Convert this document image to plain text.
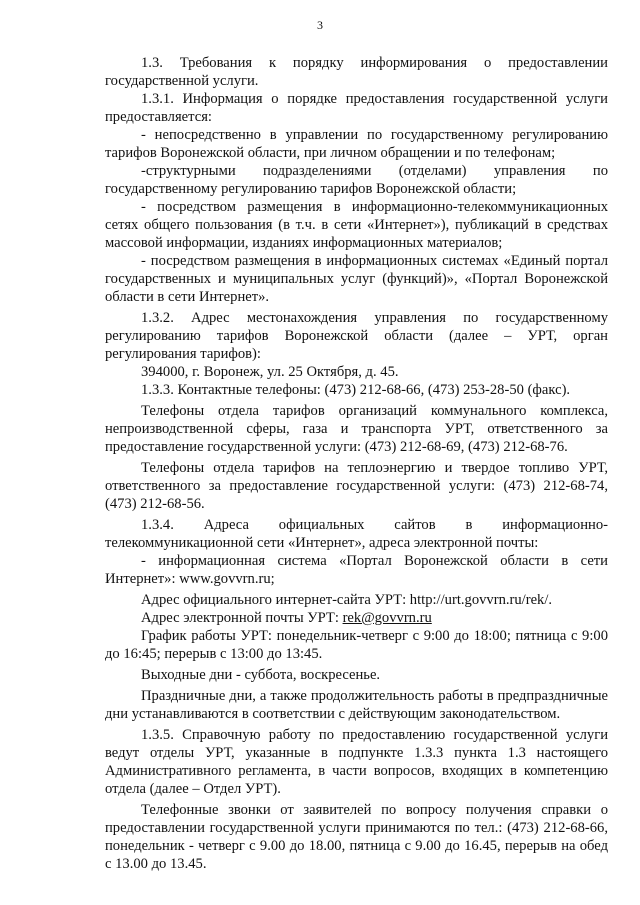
3

1.3. Требования к порядку информирования о предоставлении государственной услуги.

1.3.1. Информация о порядке предоставления государственной услуги предоставляется:

- непосредственно в управлении по государственному регулированию тарифов Воронежской области, при личном обращении и по телефонам;

-структурными подразделениями (отделами) управления по государственному регулированию тарифов Воронежской области;

- посредством размещения в информационно-телекоммуникационных сетях общего пользования (в т.ч. в сети «Интернет»), публикаций в средствах массовой информации, изданиях информационных материалов;

- посредством размещения в информационных системах «Единый портал государственных и муниципальных услуг (функций)», «Портал Воронежской области в сети Интернет».

1.3.2. Адрес местонахождения управления по государственному регулированию тарифов Воронежской области (далее – УРТ, орган регулирования тарифов):

394000, г. Воронеж, ул. 25 Октября, д. 45.

1.3.3. Контактные телефоны: (473) 212-68-66, (473) 253-28-50 (факс).

Телефоны отдела тарифов организаций коммунального комплекса, непроизводственной сферы, газа и транспорта УРТ, ответственного за предоставление государственной услуги: (473) 212-68-69, (473) 212-68-76.

Телефоны отдела тарифов на теплоэнергию и твердое топливо УРТ, ответственного за предоставление государственной услуги: (473) 212-68-74, (473) 212-68-56.

1.3.4. Адреса официальных сайтов в информационно-телекоммуникационной сети «Интернет», адреса электронной почты:

- информационная система «Портал Воронежской области в сети Интернет»: www.govvrn.ru;

Адрес официального интернет-сайта УРТ: http://urt.govvrn.ru/rek/.

Адрес электронной почты УРТ: rek@govvrn.ru

График работы УРТ: понедельник-четверг с 9:00 до 18:00; пятница с 9:00 до 16:45; перерыв с 13:00 до 13:45.

Выходные дни - суббота, воскресенье.

Праздничные дни, а также продолжительность работы в предпраздничные дни устанавливаются в соответствии с действующим законодательством.

1.3.5. Справочную работу по предоставлению государственной услуги ведут отделы УРТ, указанные в подпункте 1.3.3 пункта 1.3 настоящего Административного регламента, в части вопросов, входящих в компетенцию отдела (далее – Отдел УРТ).

Телефонные звонки от заявителей по вопросу получения справки о предоставлении государственной услуги принимаются по тел.: (473) 212-68-66, понедельник - четверг с 9.00 до 18.00, пятница с 9.00 до 16.45, перерыв на обед с 13.00 до 13.45.
